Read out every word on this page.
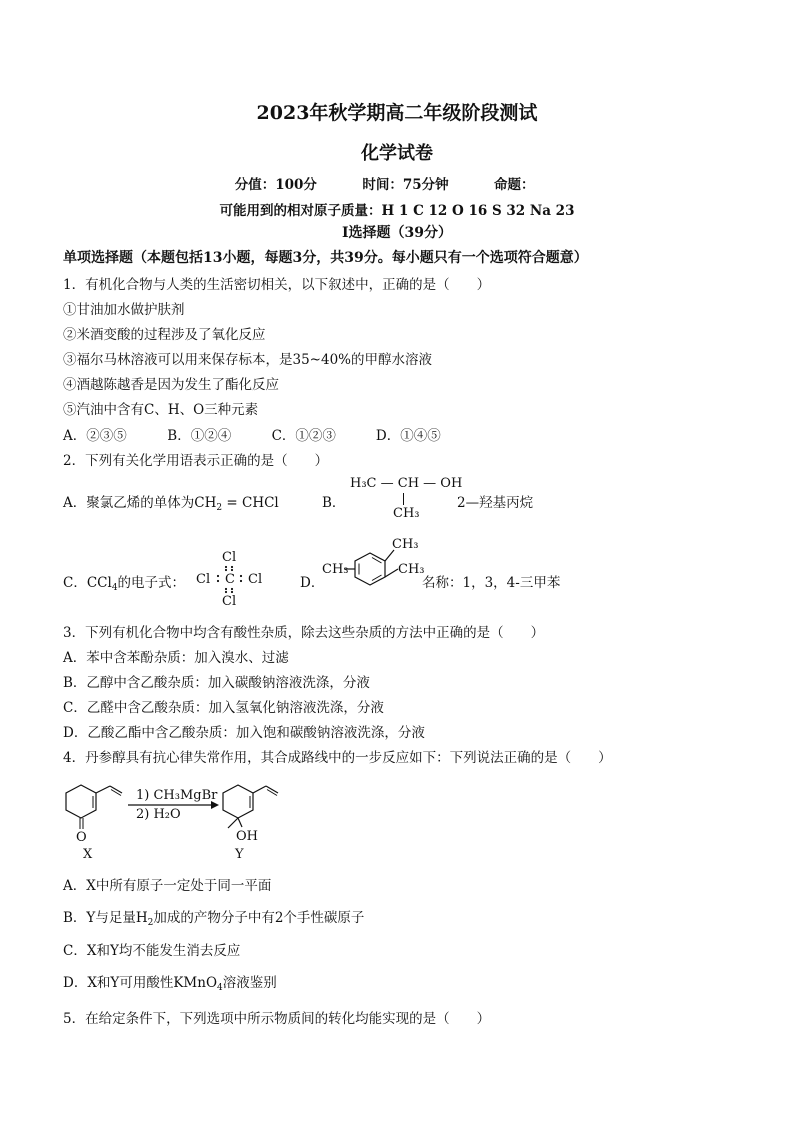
2023年秋学期高二年级阶段测试
化学试卷
分值：100分	时间：75分钟	命题：
可能用到的相对原子质量：H 1 C 12 O 16 S 32 Na 23
Ⅰ选择题（39分）
单项选择题（本题包括13小题，每题3分，共39分。每小题只有一个选项符合题意）
1．有机化合物与人类的生活密切相关，以下叙述中，正确的是（　　）
①甘油加水做护肤剂
②米酒变酸的过程涉及了氧化反应
③福尔马林溶液可以用来保存标本，是35~40%的甲醇水溶液
④酒越陈越香是因为发生了酯化反应
⑤汽油中含有C、H、O三种元素
A．②③⑤	B．①②④	C．①②③	D．①④⑤
2．下列有关化学用语表示正确的是（　　）
A．聚氯乙烯的单体为$CH_2$ = CHCl	B．
H₃C — CH — OH
CH₃
2—羟基丙烷
C．CCl$_4$的电子式：
Cl
Cl C Cl
Cl
D．
CH₃
CH₃
CH₃
名称：1，3，4-三甲苯
3．下列有机化合物中均含有酸性杂质，除去这些杂质的方法中正确的是（　　）
A．苯中含苯酚杂质：加入溴水、过滤
B．乙醇中含乙酸杂质：加入碳酸钠溶液洗涤，分液
C．乙醛中含乙酸杂质：加入氢氧化钠溶液洗涤，分液
D．乙酸乙酯中含乙酸杂质：加入饱和碳酸钠溶液洗涤，分液
4．丹参醇具有抗心律失常作用，其合成路线中的一步反应如下：下列说法正确的是（　　）
O
X
1) CH₃MgBr
2) H₂O
OH
Y
A．X中所有原子一定处于同一平面
B．Y与足量$H_2$加成的产物分子中有2个手性碳原子
C．X和Y均不能发生消去反应
D．X和Y可用酸性KMnO$_4$溶液鉴别
5．在给定条件下，下列选项中所示物质间的转化均能实现的是（　　）
